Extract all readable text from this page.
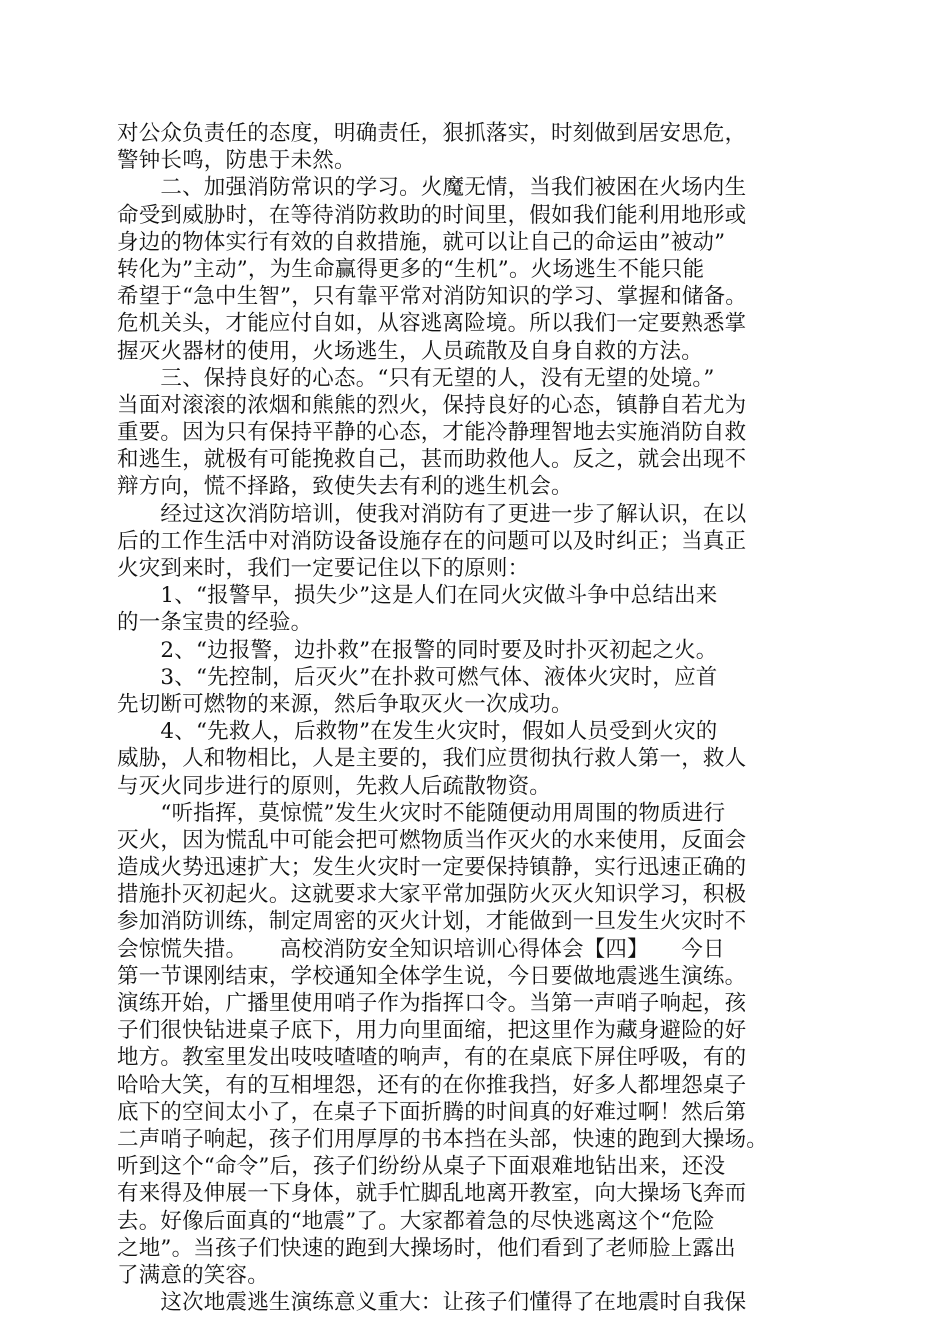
对公众负责任的态度，明确责任，狠抓落实，时刻做到居安思危，
警钟长鸣，防患于未然。
　　二、加强消防常识的学习。火魔无情，当我们被困在火场内生
命受到威胁时，在等待消防救助的时间里，假如我们能利用地形或
身边的物体实行有效的自救措施，就可以让自己的命运由”被动”
转化为”主动”，为生命赢得更多的“生机”。火场逃生不能只能
希望于“急中生智”，只有靠平常对消防知识的学习、掌握和储备。
危机关头，才能应付自如，从容逃离险境。所以我们一定要熟悉掌
握灭火器材的使用，火场逃生，人员疏散及自身自救的方法。
　　三、保持良好的心态。“只有无望的人，没有无望的处境。”
当面对滚滚的浓烟和熊熊的烈火，保持良好的心态，镇静自若尤为
重要。因为只有保持平静的心态，才能冷静理智地去实施消防自救
和逃生，就极有可能挽救自己，甚而助救他人。反之，就会出现不
辩方向，慌不择路，致使失去有利的逃生机会。
　　经过这次消防培训，使我对消防有了更进一步了解认识，在以
后的工作生活中对消防设备设施存在的问题可以及时纠正；当真正
火灾到来时，我们一定要记住以下的原则：
　　1、“报警早，损失少”这是人们在同火灾做斗争中总结出来
的一条宝贵的经验。
　　2、“边报警，边扑救”在报警的同时要及时扑灭初起之火。
　　3、“先控制，后灭火”在扑救可燃气体、液体火灾时，应首
先切断可燃物的来源，然后争取灭火一次成功。
　　4、“先救人，后救物”在发生火灾时，假如人员受到火灾的
威胁，人和物相比，人是主要的，我们应贯彻执行救人第一，救人
与灭火同步进行的原则，先救人后疏散物资。
　　“听指挥，莫惊慌”发生火灾时不能随便动用周围的物质进行
灭火，因为慌乱中可能会把可燃物质当作灭火的水来使用，反面会
造成火势迅速扩大；发生火灾时一定要保持镇静，实行迅速正确的
措施扑灭初起火。这就要求大家平常加强防火灭火知识学习，积极
参加消防训练，制定周密的灭火计划，才能做到一旦发生火灾时不
会惊慌失措。　　高校消防安全知识培训心得体会【四】　　今日
第一节课刚结束，学校通知全体学生说，今日要做地震逃生演练。
演练开始，广播里使用哨子作为指挥口令。当第一声哨子响起，孩
子们很快钻进桌子底下，用力向里面缩，把这里作为藏身避险的好
地方。教室里发出吱吱喳喳的响声，有的在桌底下屏住呼吸，有的
哈哈大笑，有的互相埋怨，还有的在你推我挡，好多人都埋怨桌子
底下的空间太小了，在桌子下面折腾的时间真的好难过啊！然后第
二声哨子响起，孩子们用厚厚的书本挡在头部，快速的跑到大操场。
听到这个“命令”后，孩子们纷纷从桌子下面艰难地钻出来，还没
有来得及伸展一下身体，就手忙脚乱地离开教室，向大操场飞奔而
去。好像后面真的“地震”了。大家都着急的尽快逃离这个“危险
之地”。当孩子们快速的跑到大操场时，他们看到了老师脸上露出
了满意的笑容。
　　这次地震逃生演练意义重大：让孩子们懂得了在地震时自我保
